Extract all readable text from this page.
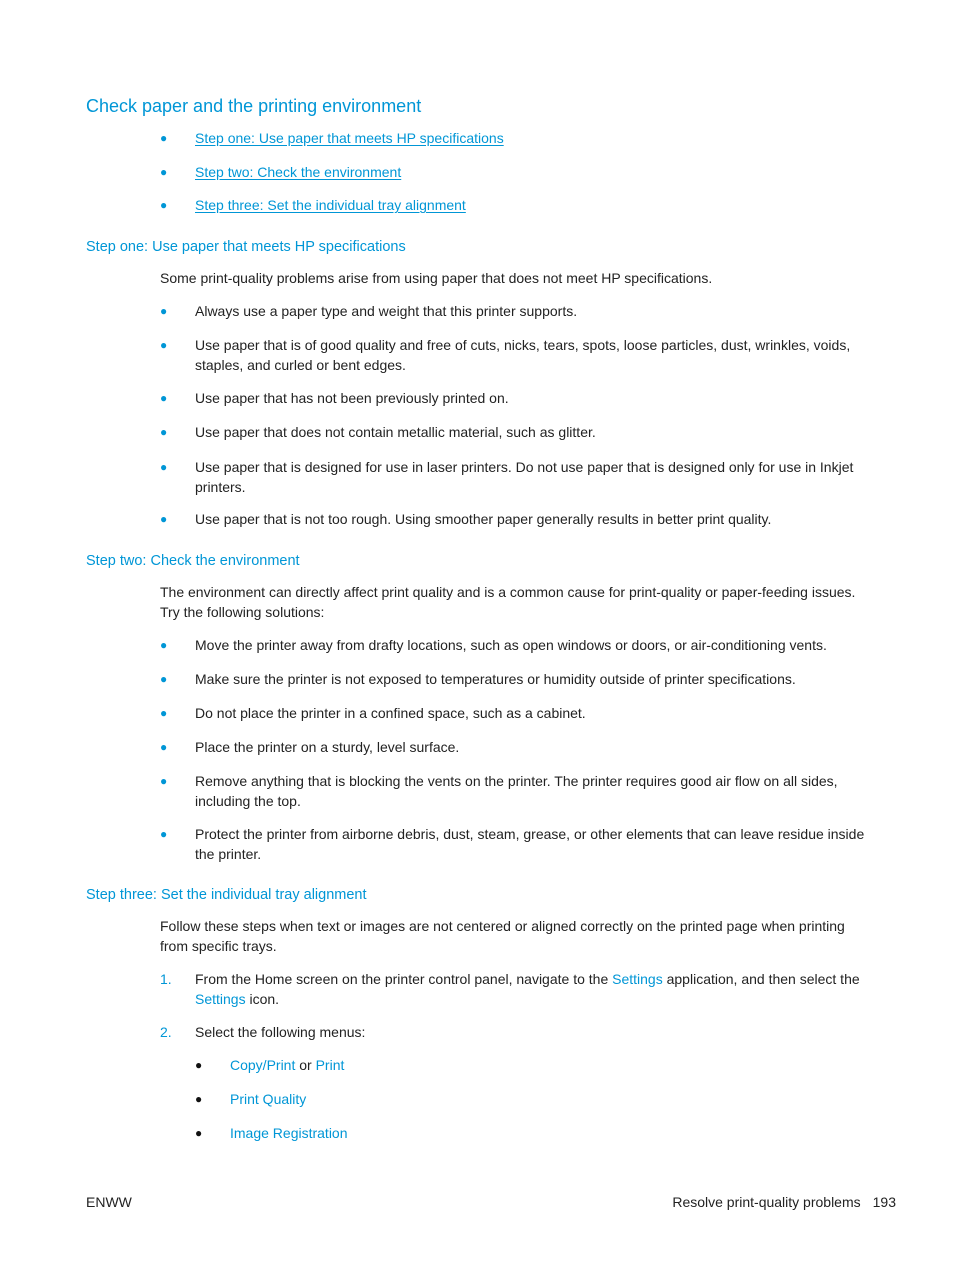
Check paper and the printing environment
● Step one: Use paper that meets HP specifications
● Step two: Check the environment
● Step three: Set the individual tray alignment
Step one: Use paper that meets HP specifications
Some print-quality problems arise from using paper that does not meet HP specifications.
● Always use a paper type and weight that this printer supports.
● Use paper that is of good quality and free of cuts, nicks, tears, spots, loose particles, dust, wrinkles, voids, staples, and curled or bent edges.
● Use paper that has not been previously printed on.
● Use paper that does not contain metallic material, such as glitter.
● Use paper that is designed for use in laser printers. Do not use paper that is designed only for use in Inkjet printers.
● Use paper that is not too rough. Using smoother paper generally results in better print quality.
Step two: Check the environment
The environment can directly affect print quality and is a common cause for print-quality or paper-feeding issues. Try the following solutions:
● Move the printer away from drafty locations, such as open windows or doors, or air-conditioning vents.
● Make sure the printer is not exposed to temperatures or humidity outside of printer specifications.
● Do not place the printer in a confined space, such as a cabinet.
● Place the printer on a sturdy, level surface.
● Remove anything that is blocking the vents on the printer. The printer requires good air flow on all sides, including the top.
● Protect the printer from airborne debris, dust, steam, grease, or other elements that can leave residue inside the printer.
Step three: Set the individual tray alignment
Follow these steps when text or images are not centered or aligned correctly on the printed page when printing from specific trays.
1. From the Home screen on the printer control panel, navigate to the Settings application, and then select the Settings icon.
2. Select the following menus:
● Copy/Print or Print
● Print Quality
● Image Registration
ENWW	Resolve print-quality problems 193
